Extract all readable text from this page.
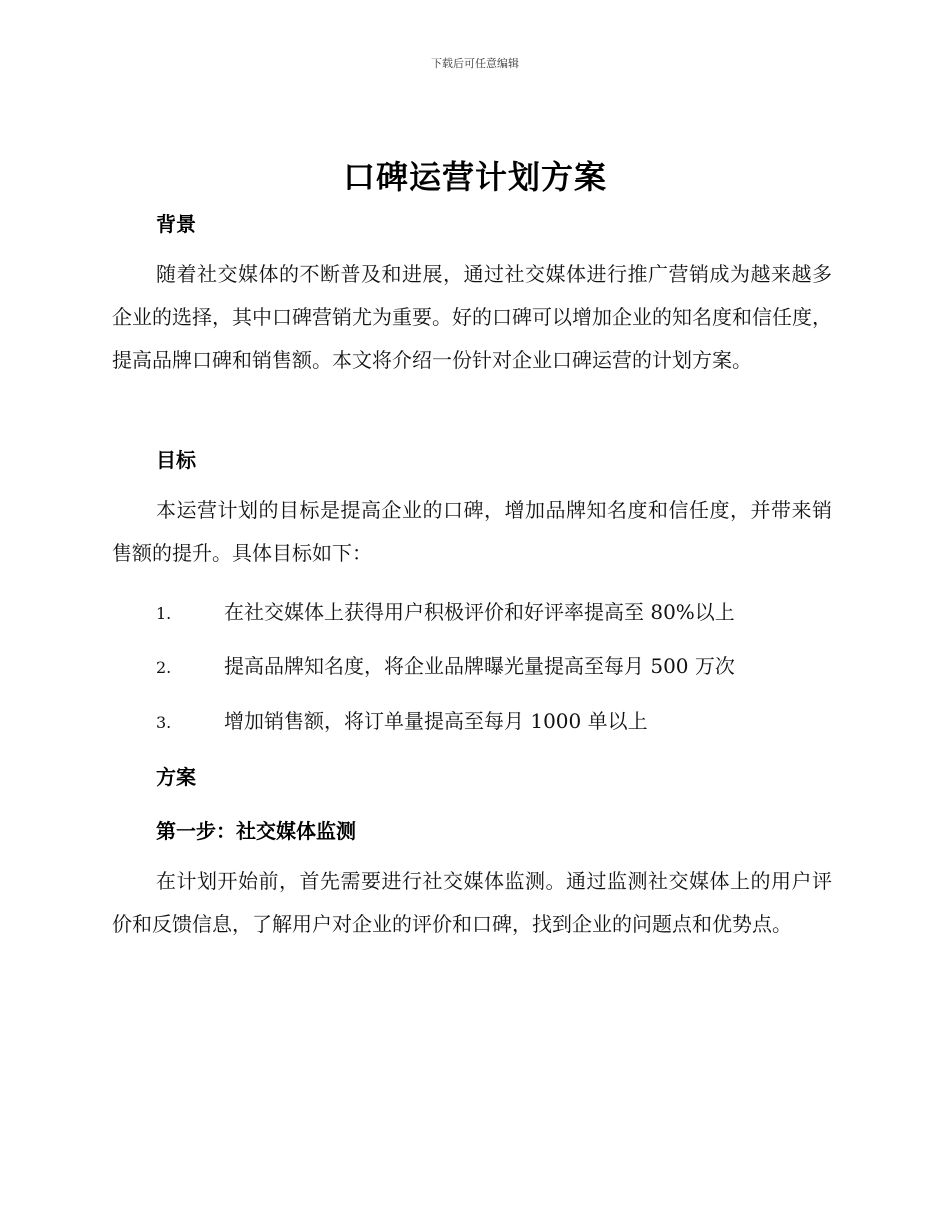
下载后可任意编辑
口碑运营计划方案
背景

随着社交媒体的不断普及和进展，通过社交媒体进行推广营销成为越来越多企业的选择，其中口碑营销尤为重要。好的口碑可以增加企业的知名度和信任度，提高品牌口碑和销售额。本文将介绍一份针对企业口碑运营的计划方案。

目标

本运营计划的目标是提高企业的口碑，增加品牌知名度和信任度，并带来销售额的提升。具体目标如下：

1.	在社交媒体上获得用户积极评价和好评率提高至 80%以上
2.	提高品牌知名度，将企业品牌曝光量提高至每月 500 万次
3.	增加销售额，将订单量提高至每月 1000 单以上
方案
第一步：社交媒体监测

在计划开始前，首先需要进行社交媒体监测。通过监测社交媒体上的用户评价和反馈信息，了解用户对企业的评价和口碑，找到企业的问题点和优势点。
